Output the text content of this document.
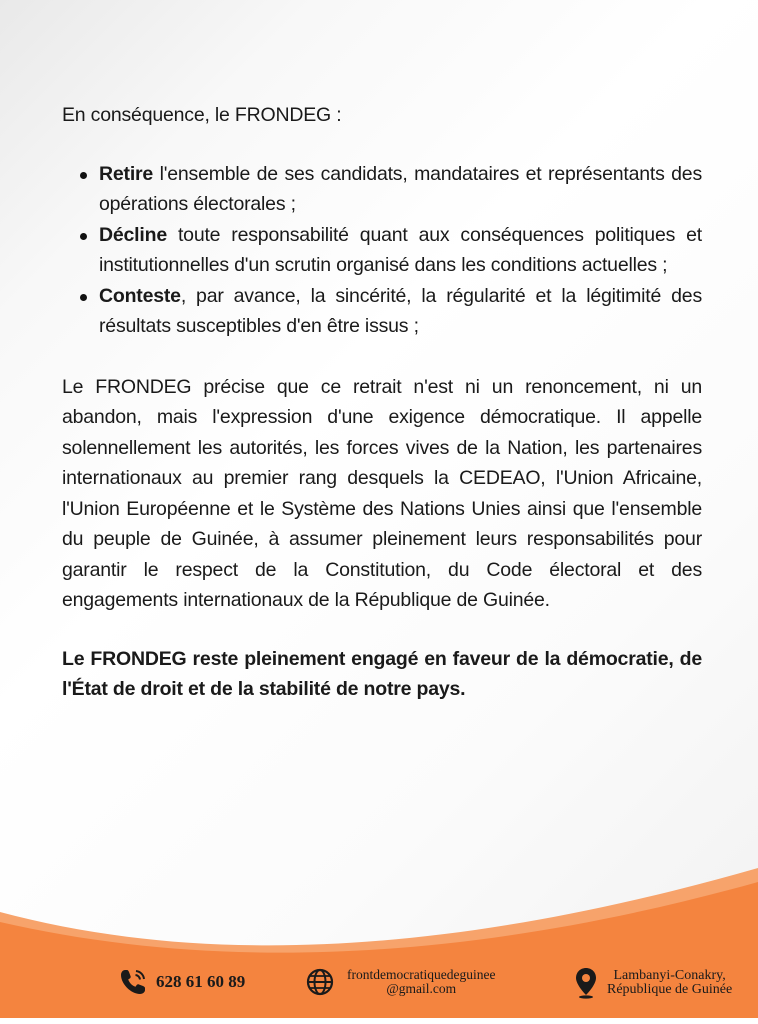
En conséquence, le FRONDEG :

Retire l'ensemble de ses candidats, mandataires et représentants des opérations électorales ;
Décline toute responsabilité quant aux conséquences politiques et institutionnelles d'un scrutin organisé dans les conditions actuelles ;
Conteste, par avance, la sincérité, la régularité et la légitimité des résultats susceptibles d'en être issus ;

Le FRONDEG précise que ce retrait n'est ni un renoncement, ni un abandon, mais l'expression d'une exigence démocratique. Il appelle solennellement les autorités, les forces vives de la Nation, les partenaires internationaux au premier rang desquels la CEDEAO, l'Union Africaine, l'Union Européenne et le Système des Nations Unies ainsi que l'ensemble du peuple de Guinée, à assumer pleinement leurs responsabilités pour garantir le respect de la Constitution, du Code électoral et des engagements internationaux de la République de Guinée.

Le FRONDEG reste pleinement engagé en faveur de la démocratie, de l'État de droit et de la stabilité de notre pays.

628 61 60 89	frontdemocratiquedeguinee
@gmail.com
Lambanyi-Conakry,
République de Guinée
